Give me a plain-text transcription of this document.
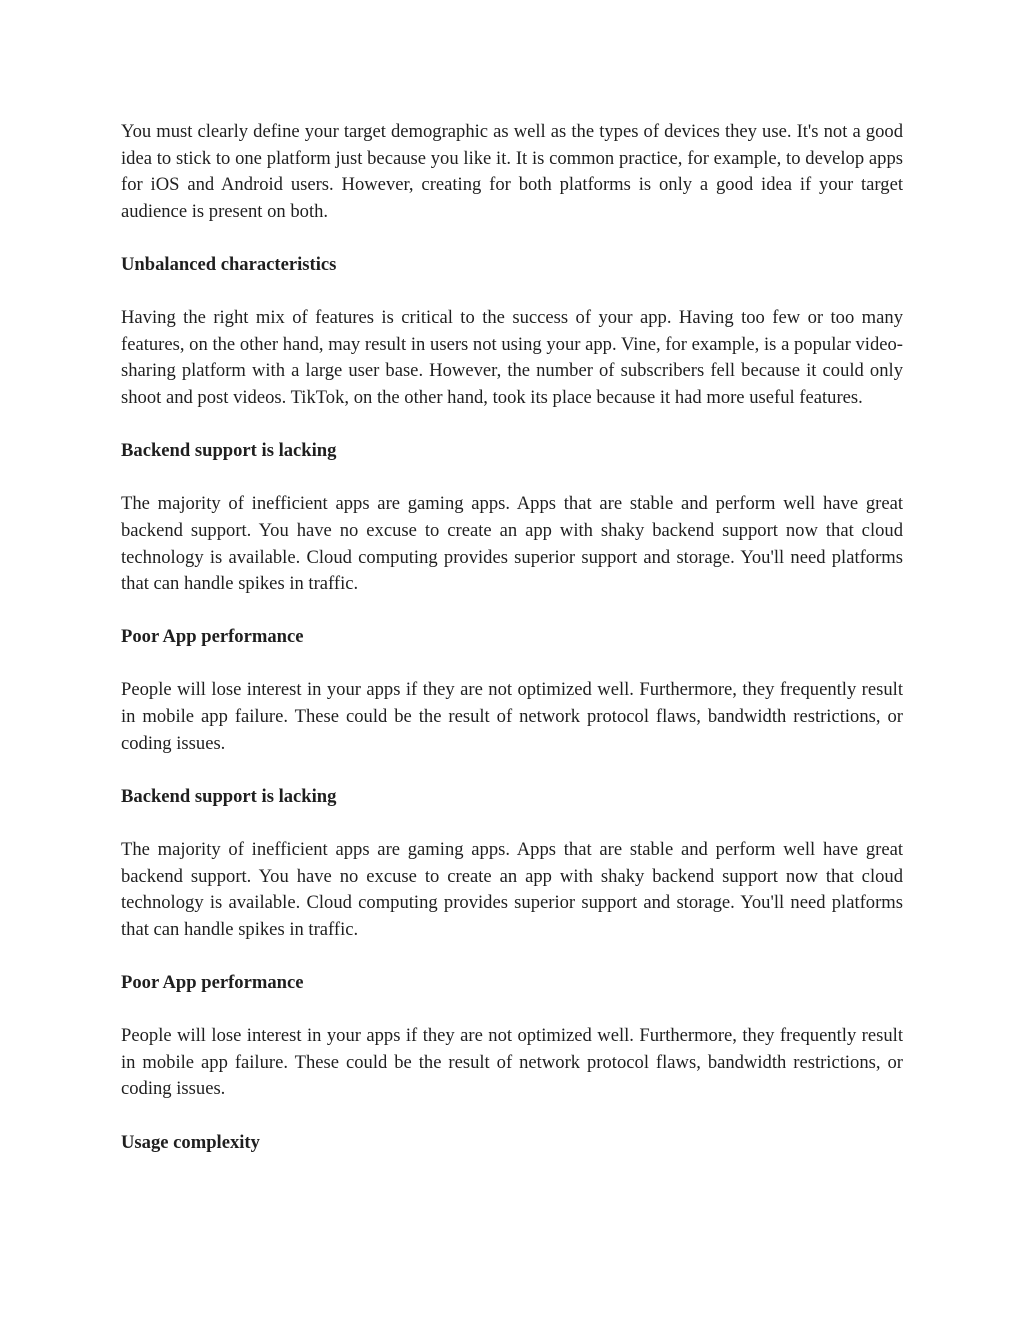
You must clearly define your target demographic as well as the types of devices they use. It's not a good idea to stick to one platform just because you like it. It is common practice, for example, to develop apps for iOS and Android users. However, creating for both platforms is only a good idea if your target audience is present on both.

Unbalanced characteristics

Having the right mix of features is critical to the success of your app. Having too few or too many features, on the other hand, may result in users not using your app. Vine, for example, is a popular video-sharing platform with a large user base. However, the number of subscribers fell because it could only shoot and post videos. TikTok, on the other hand, took its place because it had more useful features.

Backend support is lacking

The majority of inefficient apps are gaming apps. Apps that are stable and perform well have great backend support. You have no excuse to create an app with shaky backend support now that cloud technology is available. Cloud computing provides superior support and storage. You'll need platforms that can handle spikes in traffic.

Poor App performance

People will lose interest in your apps if they are not optimized well. Furthermore, they frequently result in mobile app failure. These could be the result of network protocol flaws, bandwidth restrictions, or coding issues.

Backend support is lacking

The majority of inefficient apps are gaming apps. Apps that are stable and perform well have great backend support. You have no excuse to create an app with shaky backend support now that cloud technology is available. Cloud computing provides superior support and storage. You'll need platforms that can handle spikes in traffic.

Poor App performance

People will lose interest in your apps if they are not optimized well. Furthermore, they frequently result in mobile app failure. These could be the result of network protocol flaws, bandwidth restrictions, or coding issues.

Usage complexity
